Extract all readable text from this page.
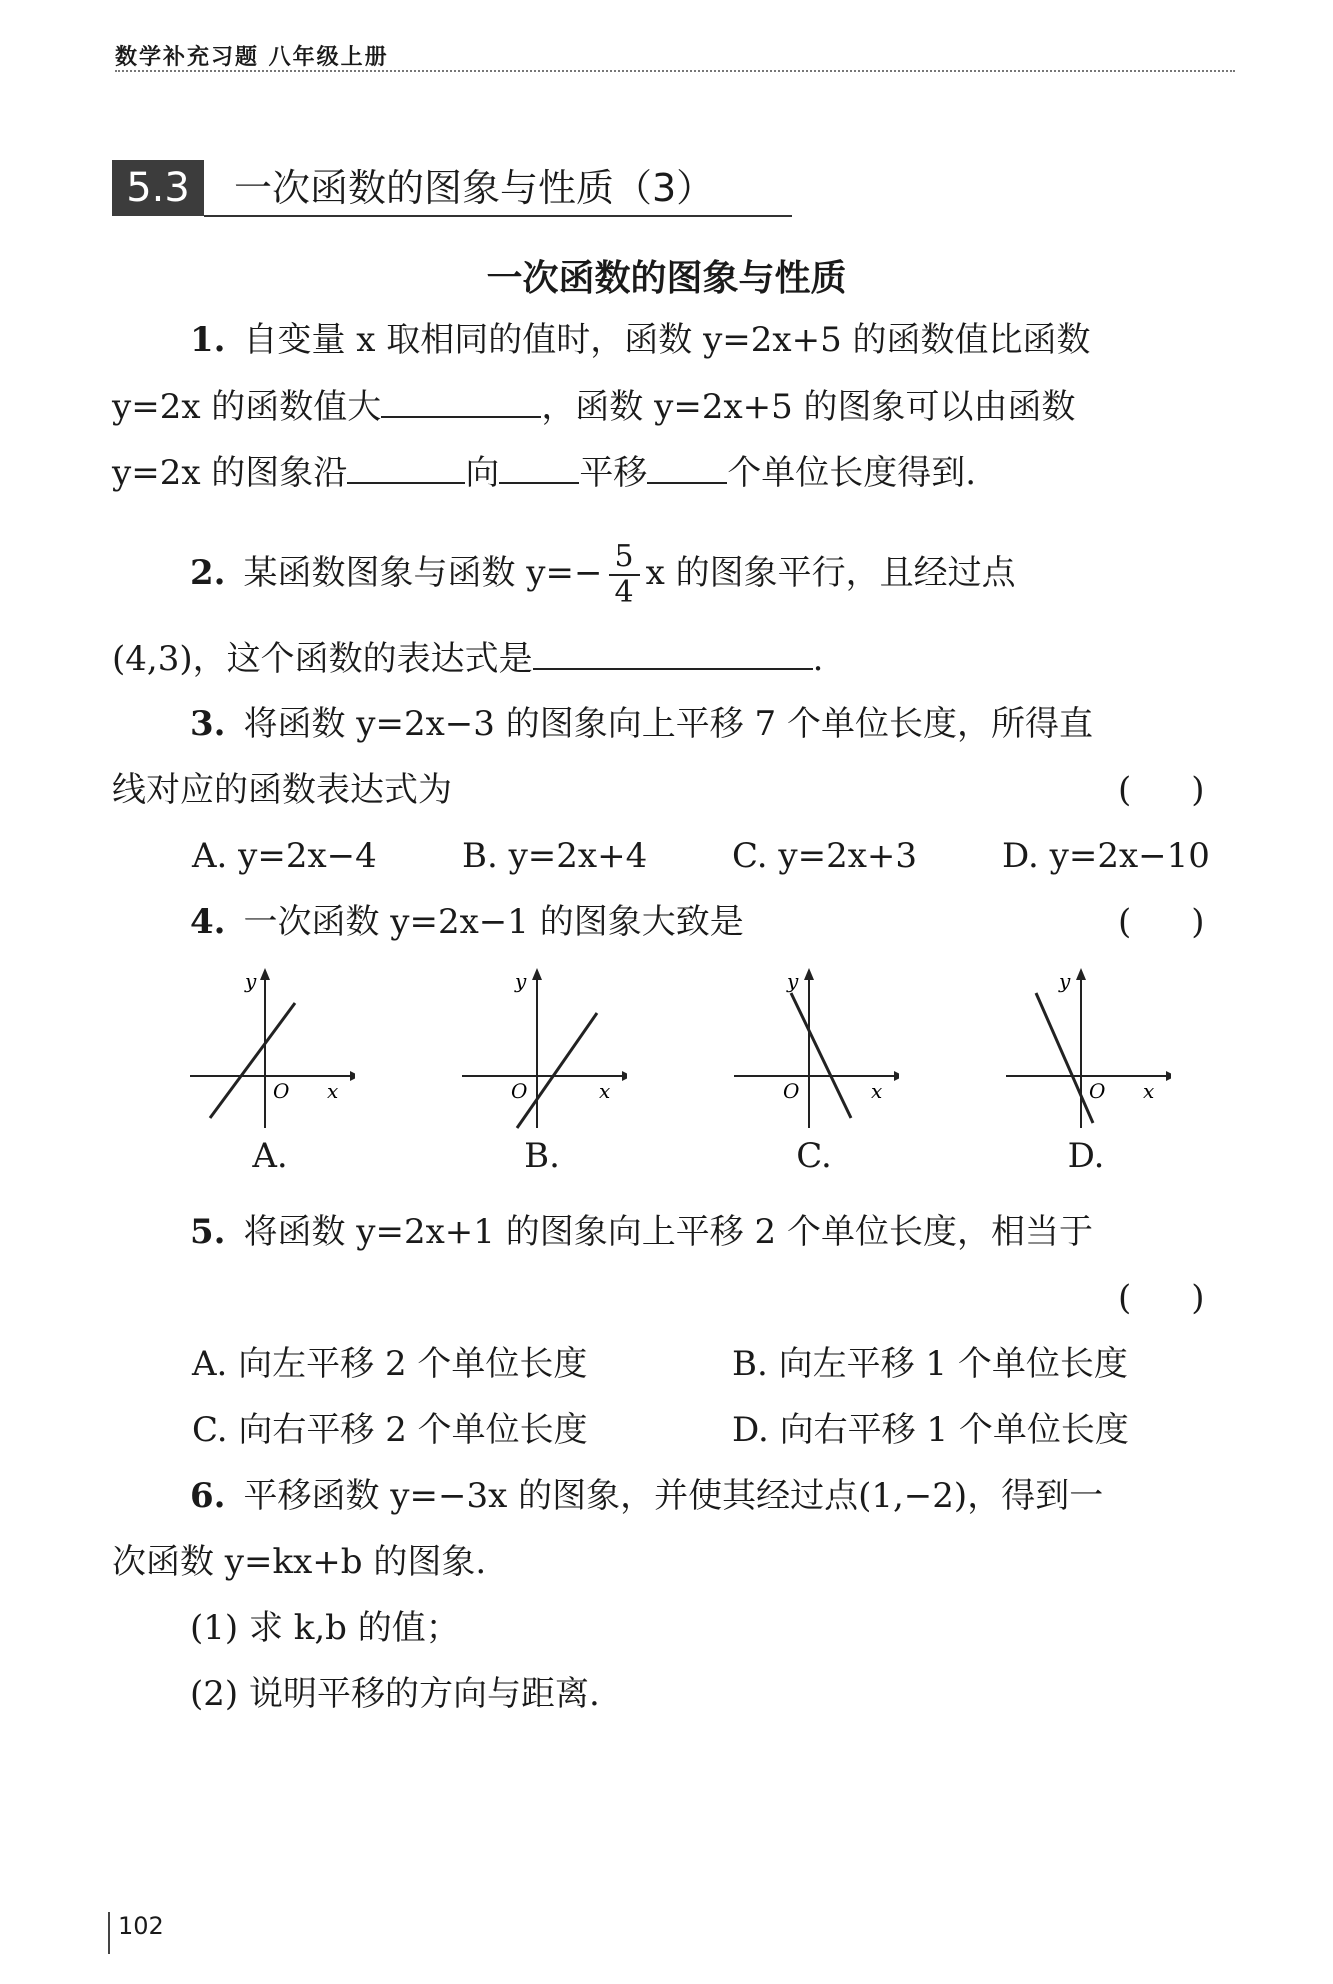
数学补充习题 八年级上册
5.3	一次函数的图象与性质（3）
一次函数的图象与性质
1. 自变量 x 取相同的值时，函数 y=2x+5 的函数值比函数
y=2x 的函数值大	，函数 y=2x+5 的图象可以由函数
y=2x 的图象沿	向 平移 个单位长度得到.
2. 某函数图象与函数 $y=- \frac{5}{4}$ x 的图象平行，且经过点
(4,3)，这个函数的表达式是	.
3. 将函数 y=2x−3 的图象向上平移 7 个单位长度，所得直
线对应的函数表达式为	( )
A. y=2x−4	B. y=2x+4 C. y=2x+3 D. y=2x−10
4. 一次函数 y=2x−1 的图象大致是	( )
y
O x
A.
y
O	x
B.
y
O	x
C.
y
O x
D.
5. 将函数 y=2x+1 的图象向上平移 2 个单位长度，相当于
( )
A. 向左平移 2 个单位长度	B. 向左平移 1 个单位长度
C. 向右平移 2 个单位长度	D. 向右平移 1 个单位长度
6. 平移函数 y=−3x 的图象，并使其经过点(1,−2)，得到一
次函数 y=kx+b 的图象.
(1) 求 k,b 的值；
(2) 说明平移的方向与距离.
102
